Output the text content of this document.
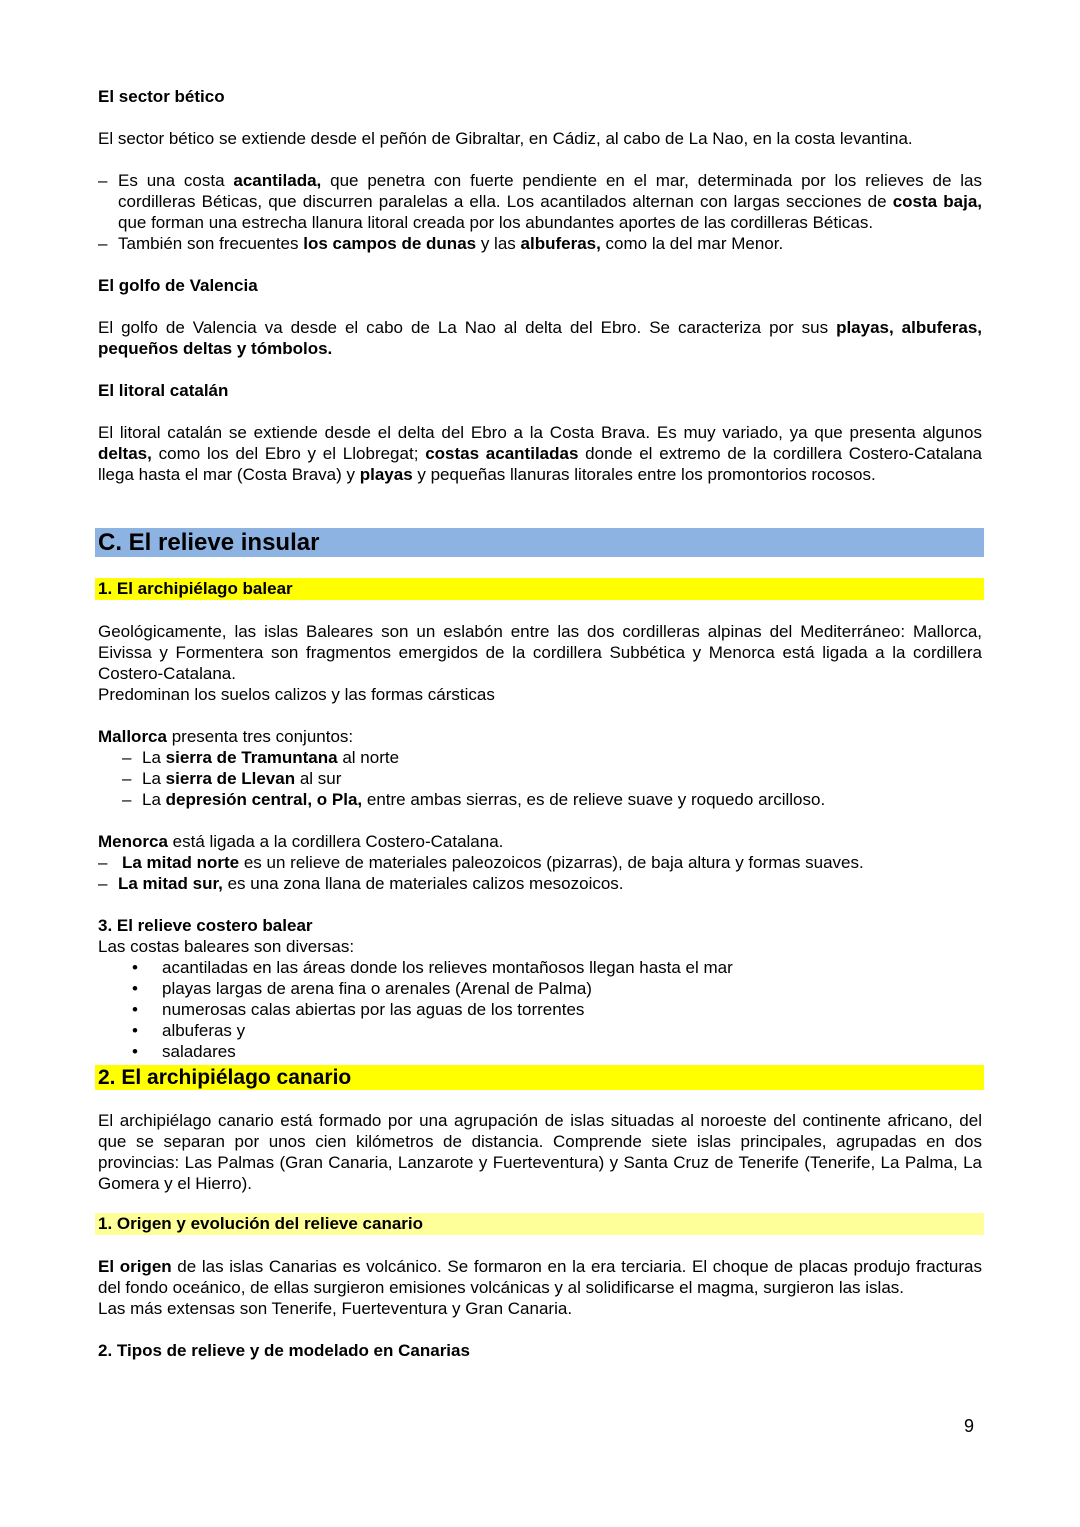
El sector bético

El sector bético se extiende desde el peñón de Gibraltar, en Cádiz, al cabo de La Nao, en la costa levantina.

– Es una costa acantilada, que penetra con fuerte pendiente en el mar, determinada por los relieves de las cordilleras Béticas, que discurren paralelas a ella. Los acantilados alternan con largas secciones de costa baja, que forman una estrecha llanura litoral creada por los abundantes aportes de las cordilleras Béticas.
– También son frecuentes los campos de dunas y las albuferas, como la del mar Menor.

El golfo de Valencia

El golfo de Valencia va desde el cabo de La Nao al delta del Ebro. Se caracteriza por sus playas, albuferas, pequeños deltas y tómbolos.

El litoral catalán

El litoral catalán se extiende desde el delta del Ebro a la Costa Brava. Es muy variado, ya que presenta algunos deltas, como los del Ebro y el Llobregat; costas acantiladas donde el extremo de la cordillera Costero-Catalana llega hasta el mar (Costa Brava) y playas y pequeñas llanuras litorales entre los promontorios rocosos.

C. El relieve insular
1. El archipiélago balear

Geológicamente, las islas Baleares son un eslabón entre las dos cordilleras alpinas del Mediterráneo: Mallorca, Eivissa y Formentera son fragmentos emergidos de la cordillera Subbética y Menorca está ligada a la cordillera Costero-Catalana.

Predominan los suelos calizos y las formas cársticas

Mallorca presenta tres conjuntos:

– La sierra de Tramuntana al norte
– La sierra de Llevan al sur
– La depresión central, o Pla, entre ambas sierras, es de relieve suave y roquedo arcilloso.

Menorca está ligada a la cordillera Costero-Catalana.

– La mitad norte es un relieve de materiales paleozoicos (pizarras), de baja altura y formas suaves.
– La mitad sur, es una zona llana de materiales calizos mesozoicos.

3. El relieve costero balear

Las costas baleares son diversas:

•	acantiladas en las áreas donde los relieves montañosos llegan hasta el mar
•	playas largas de arena fina o arenales (Arenal de Palma)
•	numerosas calas abiertas por las aguas de los torrentes
•	albuferas y
•	saladares
2. El archipiélago canario

El archipiélago canario está formado por una agrupación de islas situadas al noroeste del continente africano, del que se separan por unos cien kilómetros de distancia. Comprende siete islas principales, agrupadas en dos provincias: Las Palmas (Gran Canaria, Lanzarote y Fuerteventura) y Santa Cruz de Tenerife (Tenerife, La Palma, La Gomera y el Hierro).

1. Origen y evolución del relieve canario

El origen de las islas Canarias es volcánico. Se formaron en la era terciaria. El choque de placas produjo fracturas del fondo oceánico, de ellas surgieron emisiones volcánicas y al solidificarse el magma, surgieron las islas.

Las más extensas son Tenerife, Fuerteventura y Gran Canaria.

2. Tipos de relieve y de modelado en Canarias

9
